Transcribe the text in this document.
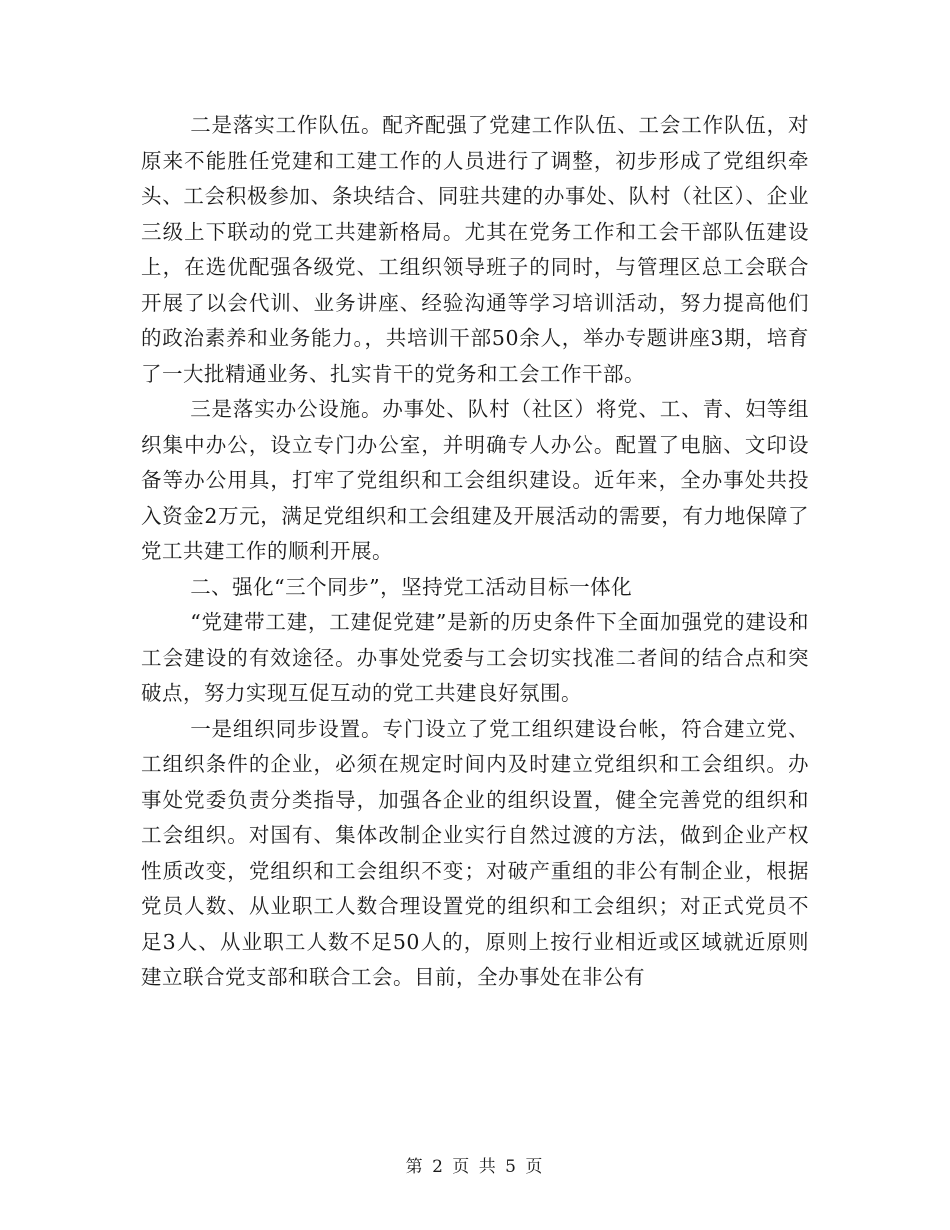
二是落实工作队伍。配齐配强了党建工作队伍、工会工作队伍，对原来不能胜任党建和工建工作的人员进行了调整，初步形成了党组织牵头、工会积极参加、条块结合、同驻共建的办事处、队村（社区）、企业三级上下联动的党工共建新格局。尤其在党务工作和工会干部队伍建设上，在选优配强各级党、工组织领导班子的同时，与管理区总工会联合开展了以会代训、业务讲座、经验沟通等学习培训活动，努力提高他们的政治素养和业务能力。，共培训干部50余人，举办专题讲座3期，培育了一大批精通业务、扎实肯干的党务和工会工作干部。

三是落实办公设施。办事处、队村（社区）将党、工、青、妇等组织集中办公，设立专门办公室，并明确专人办公。配置了电脑、文印设备等办公用具，打牢了党组织和工会组织建设。近年来，全办事处共投入资金2万元，满足党组织和工会组建及开展活动的需要，有力地保障了党工共建工作的顺利开展。

二、强化“三个同步”，坚持党工活动目标一体化

“党建带工建，工建促党建”是新的历史条件下全面加强党的建设和工会建设的有效途径。办事处党委与工会切实找准二者间的结合点和突破点，努力实现互促互动的党工共建良好氛围。

一是组织同步设置。专门设立了党工组织建设台帐，符合建立党、工组织条件的企业，必须在规定时间内及时建立党组织和工会组织。办事处党委负责分类指导，加强各企业的组织设置，健全完善党的组织和工会组织。对国有、集体改制企业实行自然过渡的方法，做到企业产权性质改变，党组织和工会组织不变；对破产重组的非公有制企业，根据党员人数、从业职工人数合理设置党的组织和工会组织；对正式党员不足3人、从业职工人数不足50人的，原则上按行业相近或区域就近原则建立联合党支部和联合工会。目前，全办事处在非公有

第 2 页 共 5 页
